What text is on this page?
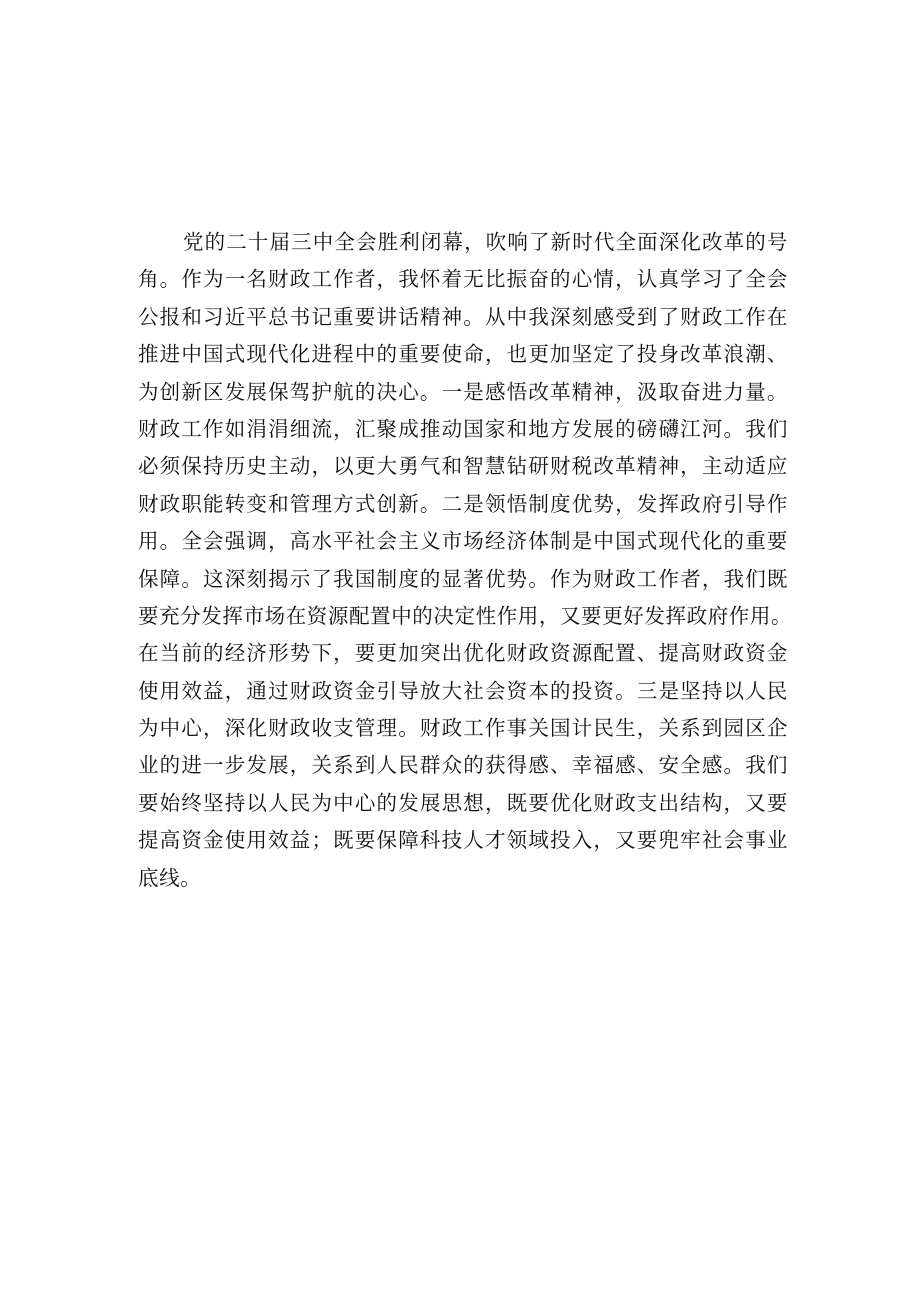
党的二十届三中全会胜利闭幕，吹响了新时代全面深化改革的号
角。作为一名财政工作者，我怀着无比振奋的心情，认真学习了全会
公报和习近平总书记重要讲话精神。从中我深刻感受到了财政工作在
推进中国式现代化进程中的重要使命，也更加坚定了投身改革浪潮、
为创新区发展保驾护航的决心。一是感悟改革精神，汲取奋进力量。
财政工作如涓涓细流，汇聚成推动国家和地方发展的磅礴江河。我们
必须保持历史主动，以更大勇气和智慧钻研财税改革精神，主动适应
财政职能转变和管理方式创新。二是领悟制度优势，发挥政府引导作
用。全会强调，高水平社会主义市场经济体制是中国式现代化的重要
保障。这深刻揭示了我国制度的显著优势。作为财政工作者，我们既
要充分发挥市场在资源配置中的决定性作用，又要更好发挥政府作用。
在当前的经济形势下，要更加突出优化财政资源配置、提高财政资金
使用效益，通过财政资金引导放大社会资本的投资。三是坚持以人民
为中心，深化财政收支管理。财政工作事关国计民生，关系到园区企
业的进一步发展，关系到人民群众的获得感、幸福感、安全感。我们
要始终坚持以人民为中心的发展思想，既要优化财政支出结构，又要
提高资金使用效益；既要保障科技人才领域投入，又要兜牢社会事业
底线。
